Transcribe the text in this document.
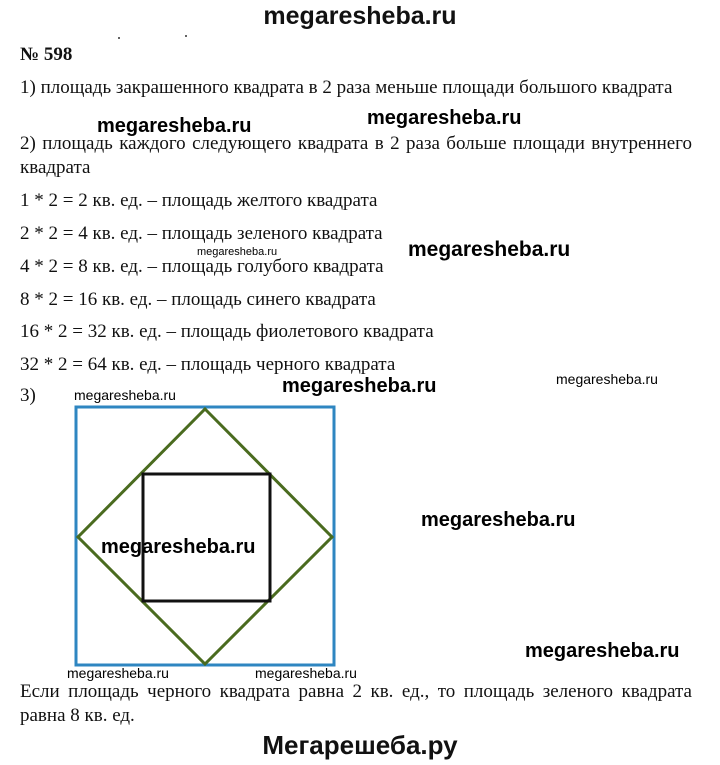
megaresheba.ru
№ 598
1) площадь закрашенного квадрата в 2 раза меньше площади большого квадрата
2) площадь каждого следующего квадрата в 2 раза больше площади внутреннего квадрата
1 * 2 = 2 кв. ед. – площадь желтого квадрата
2 * 2 = 4 кв. ед. – площадь зеленого квадрата
4 * 2 = 8 кв. ед. – площадь голубого квадрата
8 * 2 = 16 кв. ед. – площадь синего квадрата
16 * 2 = 32 кв. ед. – площадь фиолетового квадрата
32 * 2 = 64 кв. ед. – площадь черного квадрата
3)
megaresheba.ru	megaresheba.ru
megaresheba.ru	megaresheba.ru
megaresheba.ru	megaresheba.ru
megaresheba.ru
megaresheba.ru
megaresheba.ru
megaresheba.ru
megaresheba.ru	megaresheba.ru
Если площадь черного квадрата равна 2 кв. ед., то площадь зеленого квадрата равна 8 кв. ед.
Мегарешеба.ру
